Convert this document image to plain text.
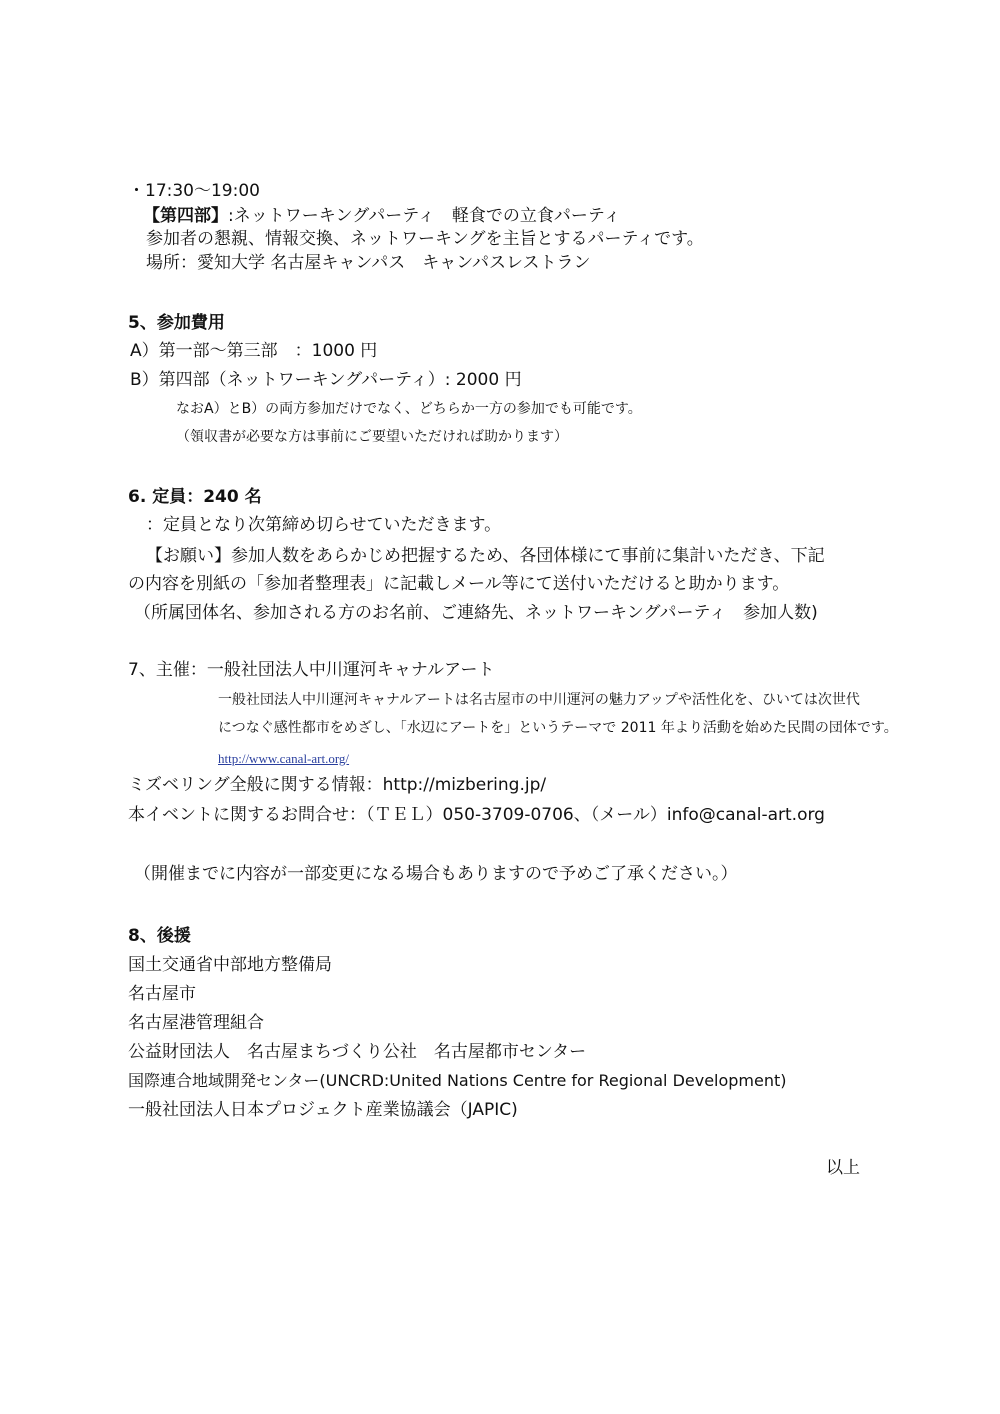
・17:30〜19:00
【第四部】:ネットワーキングパーティ　軽食での立食パーティ
参加者の懇親、情報交換、ネットワーキングを主旨とするパーティです。
場所：愛知大学 名古屋キャンパス　キャンパスレストラン
5、参加費用
A）第一部〜第三部　：1000 円
B）第四部（ネットワーキングパーティ）: 2000 円
なおA）とB）の両方参加だけでなく、どちらか一方の参加でも可能です。
（領収書が必要な方は事前にご要望いただければ助かります）
6. 定員：240 名
：定員となり次第締め切らせていただきます。
【お願い】参加人数をあらかじめ把握するため、各団体様にて事前に集計いただき、下記
の内容を別紙の「参加者整理表」に記載しメール等にて送付いただけると助かります。
（所属団体名、参加される方のお名前、ご連絡先、ネットワーキングパーティ　参加人数)
7、主催：一般社団法人中川運河キャナルアート
一般社団法人中川運河キャナルアートは名古屋市の中川運河の魅力アップや活性化を、ひいては次世代
につなぐ感性都市をめざし、「水辺にアートを」というテーマで 2011 年より活動を始めた民間の団体です。
http://www.canal-art.org/
ミズベリング全般に関する情報：http://mizbering.jp/
本イベントに関するお問合せ：（ＴＥＬ）050-3709-0706、（メール）info@canal-art.org
（開催までに内容が一部変更になる場合もありますので予めご了承ください。）
8、後援
国土交通省中部地方整備局
名古屋市
名古屋港管理組合
公益財団法人　名古屋まちづくり公社　名古屋都市センター
国際連合地域開発センター(UNCRD:United Nations Centre for Regional Development)
一般社団法人日本プロジェクト産業協議会（JAPIC)
以上
